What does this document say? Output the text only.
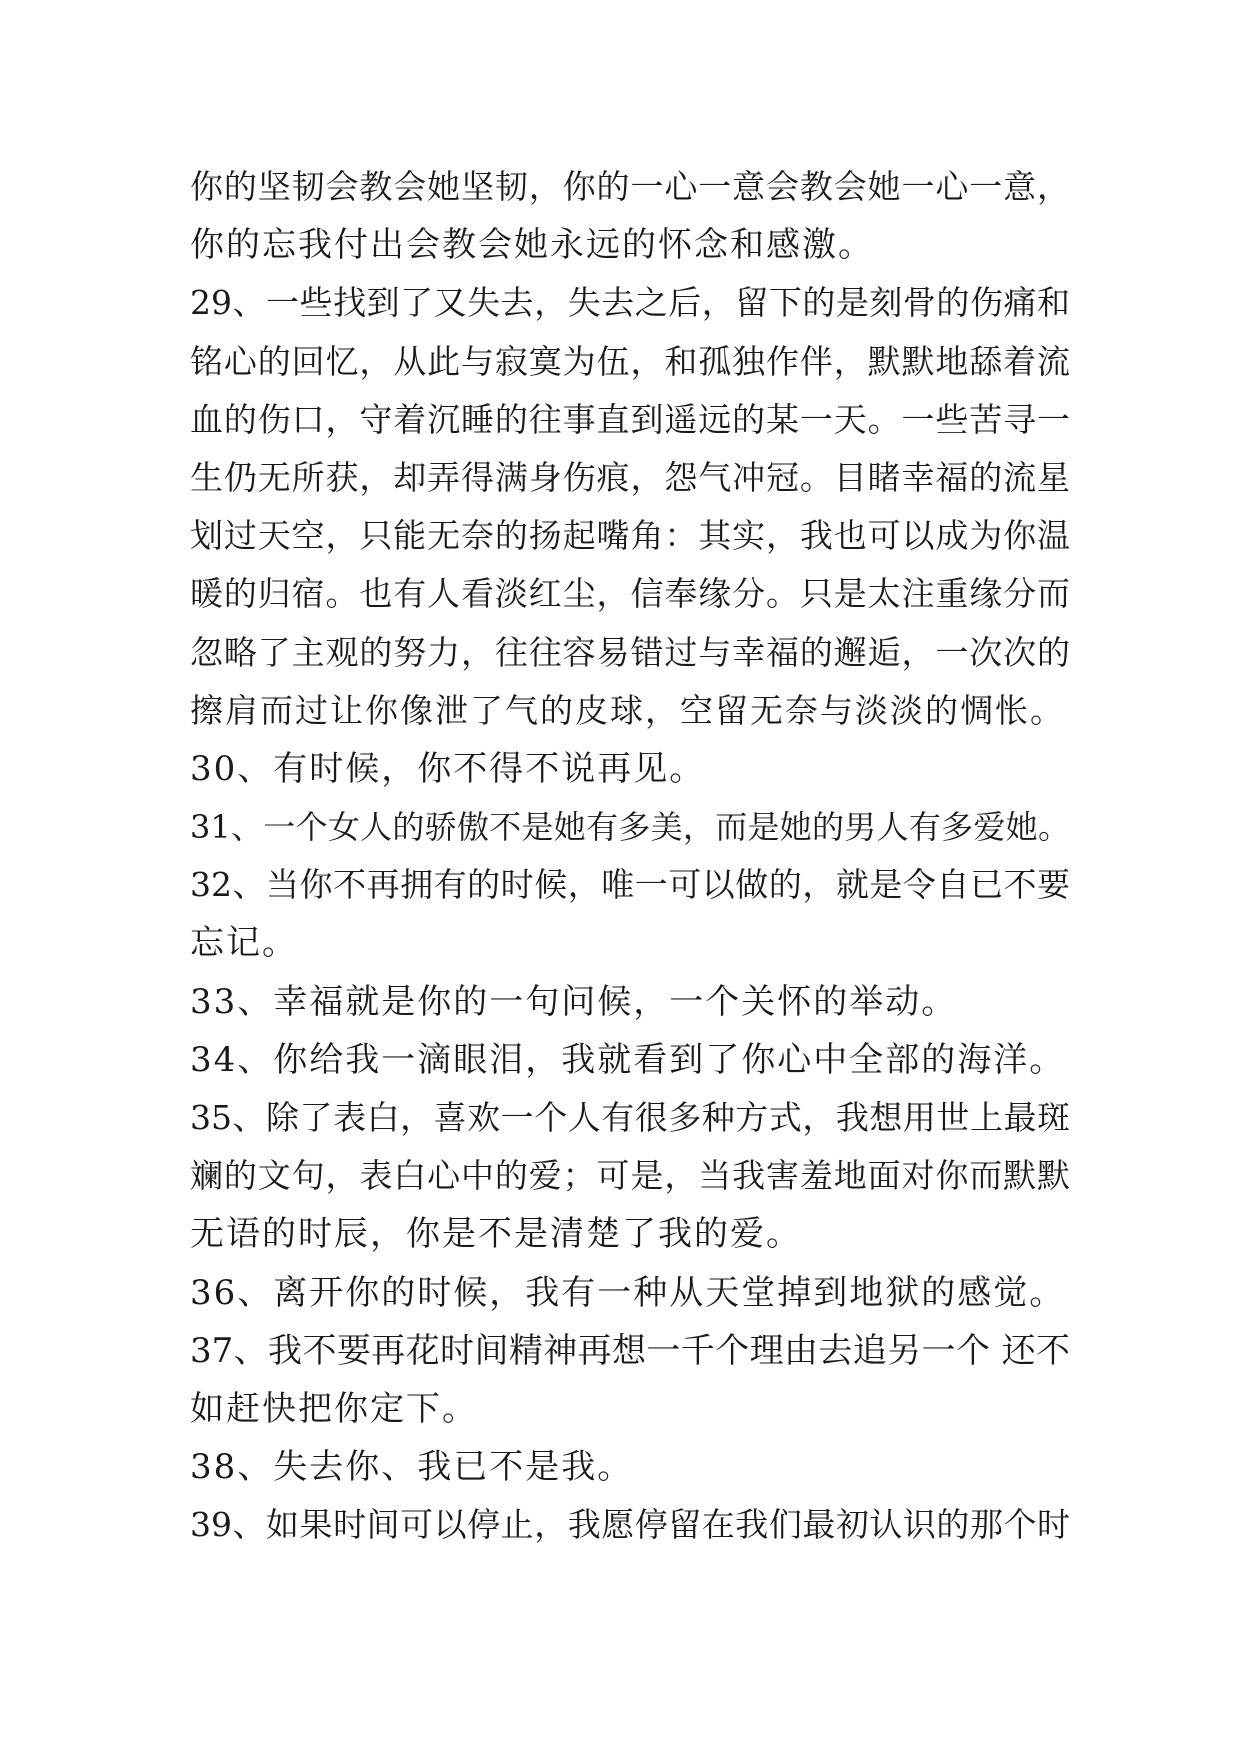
你的坚韧会教会她坚韧，你的一心一意会教会她一心一意，
你的忘我付出会教会她永远的怀念和感激。
29、一些找到了又失去，失去之后，留下的是刻骨的伤痛和
铭心的回忆，从此与寂寞为伍，和孤独作伴，默默地舔着流
血的伤口，守着沉睡的往事直到遥远的某一天。一些苦寻一
生仍无所获，却弄得满身伤痕，怨气冲冠。目睹幸福的流星
划过天空，只能无奈的扬起嘴角：其实，我也可以成为你温
暖的归宿。也有人看淡红尘，信奉缘分。只是太注重缘分而
忽略了主观的努力，往往容易错过与幸福的邂逅，一次次的
擦肩而过让你像泄了气的皮球，空留无奈与淡淡的惆怅。
30、有时候，你不得不说再见。
31、一个女人的骄傲不是她有多美，而是她的男人有多爱她。
32、当你不再拥有的时候，唯一可以做的，就是令自已不要
忘记。
33、幸福就是你的一句问候，一个关怀的举动。
34、你给我一滴眼泪，我就看到了你心中全部的海洋。
35、除了表白，喜欢一个人有很多种方式，我想用世上最斑
斓的文句，表白心中的爱；可是，当我害羞地面对你而默默
无语的时辰，你是不是清楚了我的爱。
36、离开你的时候，我有一种从天堂掉到地狱的感觉。
37、我不要再花时间精神再想一千个理由去追另一个 还不
如赶快把你定下。
38、失去你、我已不是我。
39、如果时间可以停止，我愿停留在我们最初认识的那个时
